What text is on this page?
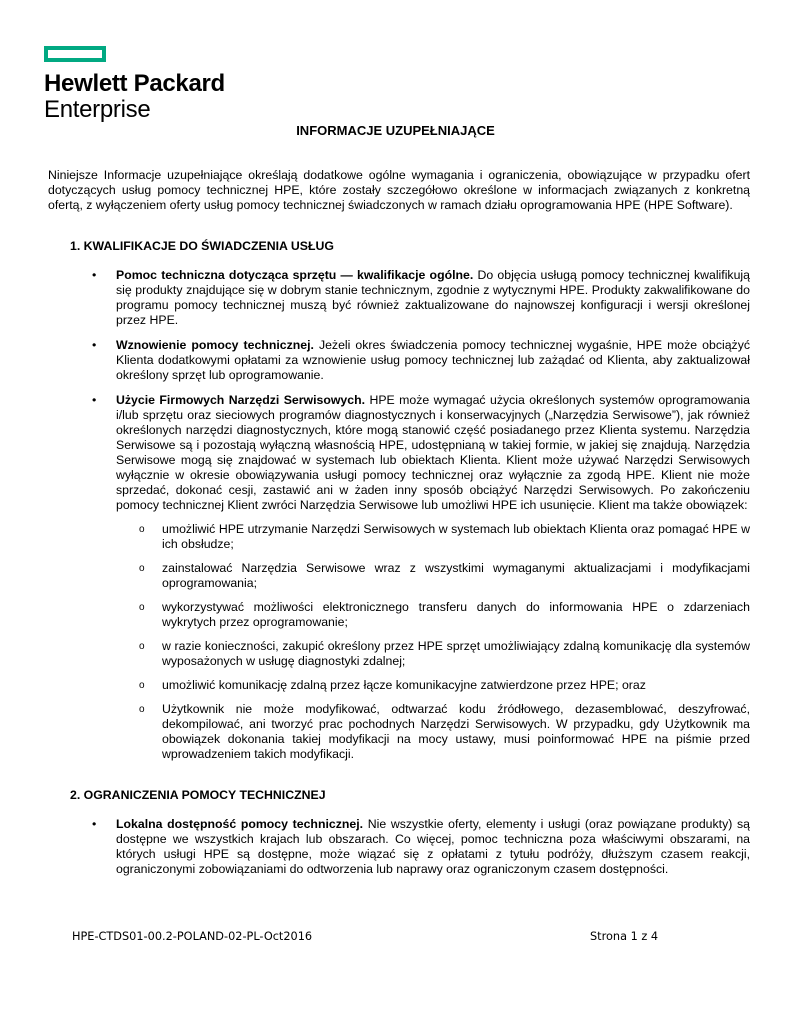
Hewlett Packard
Enterprise
INFORMACJE UZUPEŁNIAJĄCE

Niniejsze Informacje uzupełniające określają dodatkowe ogólne wymagania i ograniczenia, obowiązujące w przypadku ofert dotyczących usług pomocy technicznej HPE, które zostały szczegółowo określone w informacjach związanych z konkretną ofertą, z wyłączeniem oferty usług pomocy technicznej świadczonych w ramach działu oprogramowania HPE (HPE Software).

1. KWALIFIKACJE DO ŚWIADCZENIA USŁUG
• Pomoc techniczna dotycząca sprzętu — kwalifikacje ogólne. Do objęcia usługą pomocy technicznej kwalifikują się produkty znajdujące się w dobrym stanie technicznym, zgodnie z wytycznymi HPE. Produkty zakwalifikowane do programu pomocy technicznej muszą być również zaktualizowane do najnowszej konfiguracji i wersji określonej przez HPE.
• Wznowienie pomocy technicznej. Jeżeli okres świadczenia pomocy technicznej wygaśnie, HPE może obciążyć Klienta dodatkowymi opłatami za wznowienie usług pomocy technicznej lub zażądać od Klienta, aby zaktualizował określony sprzęt lub oprogramowanie.
• Użycie Firmowych Narzędzi Serwisowych. HPE może wymagać użycia określonych systemów oprogramowania i/lub sprzętu oraz sieciowych programów diagnostycznych i konserwacyjnych („Narzędzia Serwisowe”), jak również określonych narzędzi diagnostycznych, które mogą stanowić część posiadanego przez Klienta systemu. Narzędzia Serwisowe są i pozostają wyłączną własnością HPE, udostępnianą w takiej formie, w jakiej się znajdują. Narzędzia Serwisowe mogą się znajdować w systemach lub obiektach Klienta. Klient może używać Narzędzi Serwisowych wyłącznie w okresie obowiązywania usługi pomocy technicznej oraz wyłącznie za zgodą HPE. Klient nie może sprzedać, dokonać cesji, zastawić ani w żaden inny sposób obciążyć Narzędzi Serwisowych. Po zakończeniu pomocy technicznej Klient zwróci Narzędzia Serwisowe lub umożliwi HPE ich usunięcie. Klient ma także obowiązek:
o umożliwić HPE utrzymanie Narzędzi Serwisowych w systemach lub obiektach Klienta oraz pomagać HPE w ich obsłudze;
o zainstalować Narzędzia Serwisowe wraz z wszystkimi wymaganymi aktualizacjami i modyfikacjami oprogramowania;
o wykorzystywać możliwości elektronicznego transferu danych do informowania HPE o zdarzeniach wykrytych przez oprogramowanie;
o w razie konieczności, zakupić określony przez HPE sprzęt umożliwiający zdalną komunikację dla systemów wyposażonych w usługę diagnostyki zdalnej;
o umożliwić komunikację zdalną przez łącze komunikacyjne zatwierdzone przez HPE; oraz
o Użytkownik nie może modyfikować, odtwarzać kodu źródłowego, dezasemblować, deszyfrować, dekompilować, ani tworzyć prac pochodnych Narzędzi Serwisowych. W przypadku, gdy Użytkownik ma obowiązek dokonania takiej modyfikacji na mocy ustawy, musi poinformować HPE na piśmie przed wprowadzeniem takich modyfikacji.
2. OGRANICZENIA POMOCY TECHNICZNEJ
• Lokalna dostępność pomocy technicznej. Nie wszystkie oferty, elementy i usługi (oraz powiązane produkty) są dostępne we wszystkich krajach lub obszarach. Co więcej, pomoc techniczna poza właściwymi obszarami, na których usługi HPE są dostępne, może wiązać się z opłatami z tytułu podróży, dłuższym czasem reakcji, ograniczonymi zobowiązaniami do odtworzenia lub naprawy oraz ograniczonym czasem dostępności.
HPE-CTDS01-00.2-POLAND-02-PL-Oct2016	Strona 1 z 4
